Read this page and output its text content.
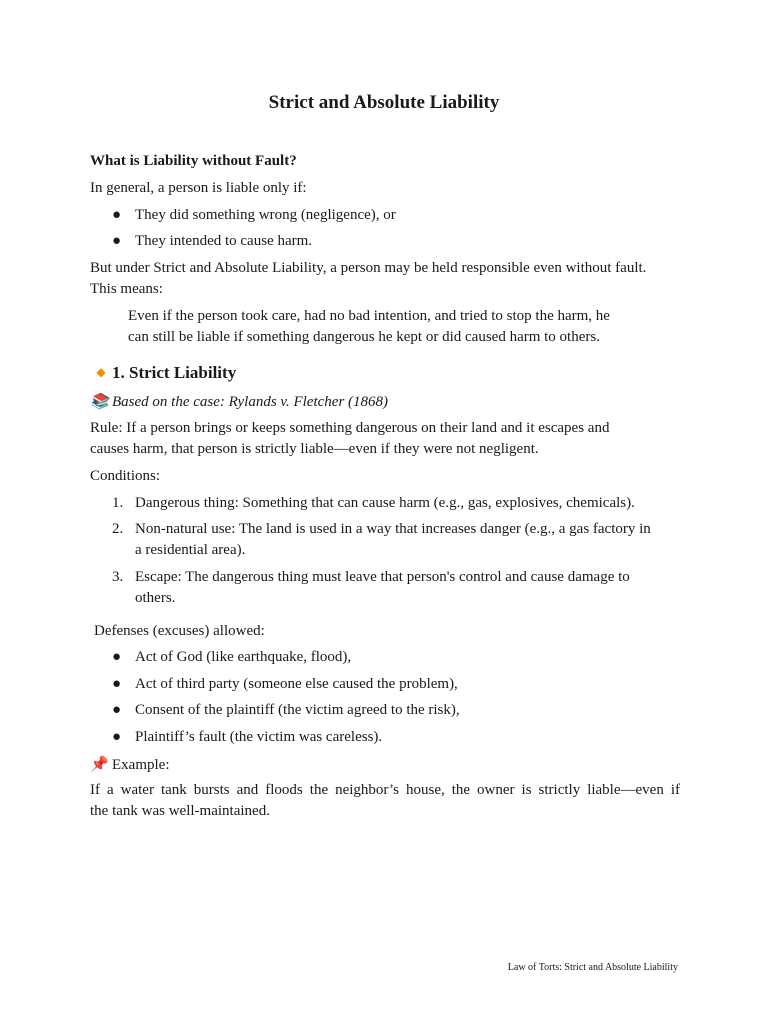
Strict and Absolute Liability

What is Liability without Fault?

In general, a person is liable only if:

● They did something wrong (negligence), or
● They intended to cause harm.

But under Strict and Absolute Liability, a person may be held responsible even without fault.

This means:

Even if the person took care, had no bad intention, and tried to stop the harm, he

can still be liable if something dangerous he kept or did caused harm to others.

◆ 1. Strict Liability

📚 Based on the case: Rylands v. Fletcher (1868)

Rule: If a person brings or keeps something dangerous on their land and it escapes and

causes harm, that person is strictly liable—even if they were not negligent.

Conditions:

1. Dangerous thing: Something that can cause harm (e.g., gas, explosives, chemicals).
2. Non-natural use: The land is used in a way that increases danger (e.g., a gas factory in
a residential area).
3. Escape: The dangerous thing must leave that person's control and cause damage to
others.

Defenses (excuses) allowed:

● Act of God (like earthquake, flood),
● Act of third party (someone else caused the problem),
● Consent of the plaintiff (the victim agreed to the risk),
● Plaintiff’s fault (the victim was careless).

📌 Example:

If a water tank bursts and floods the neighbor’s house, the owner is strictly liable—even if

the tank was well-maintained.

Law of Torts: Strict and Absolute Liability
